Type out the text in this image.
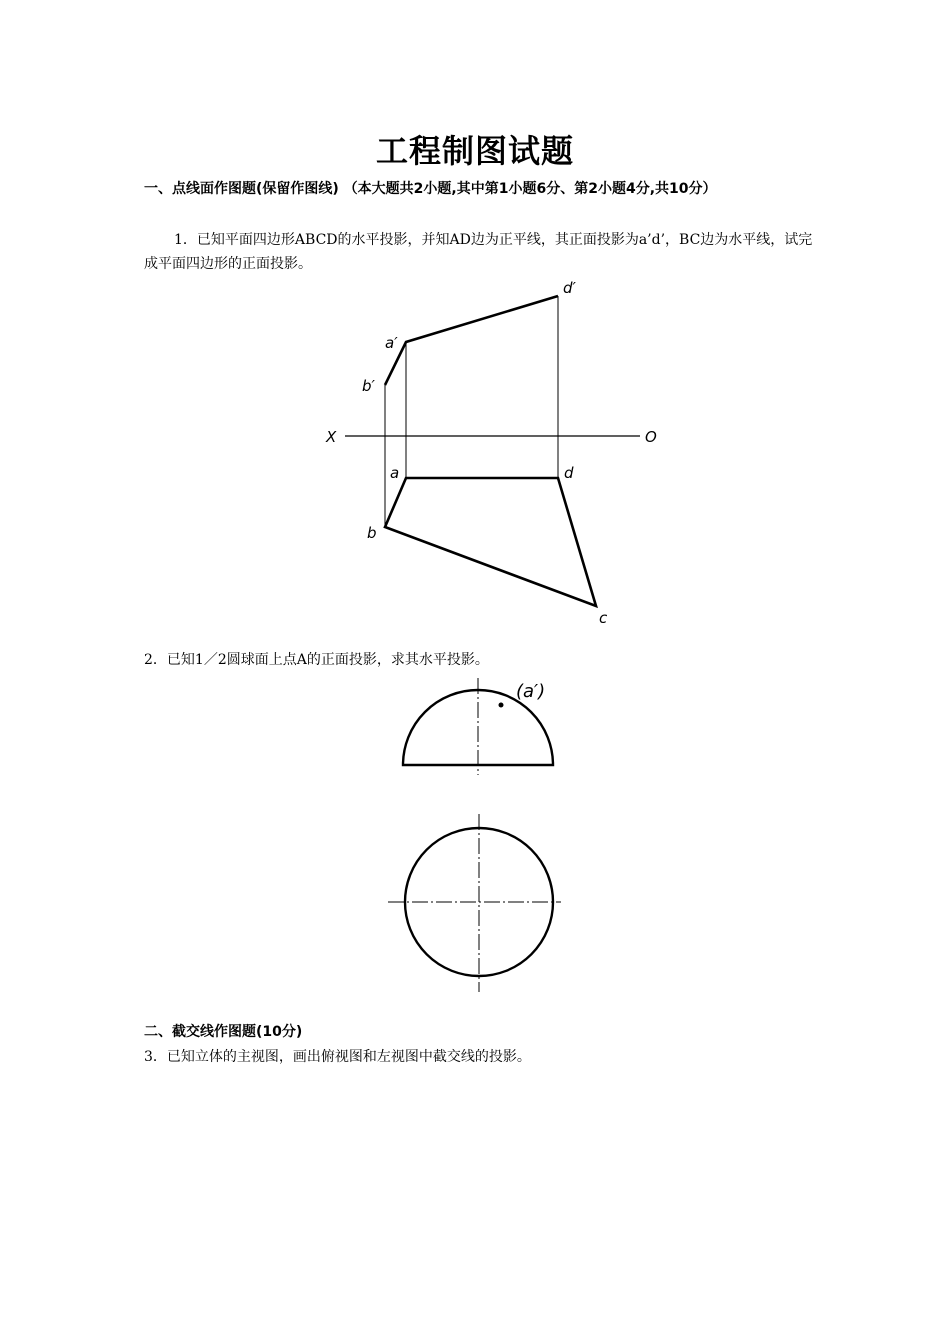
工程制图试题
一、点线面作图题(保留作图线) （本大题共2小题,其中第1小题6分、第2小题4分,共10分）
1．已知平面四边形ABCD的水平投影，并知AD边为正平线，其正面投影为a’d’，BC边为水平线，试完成平面四边形的正面投影。
a′
b′
d′
X	O
a	d
b
c
(a′)
2．已知1／2圆球面上点A的正面投影，求其水平投影。
二、截交线作图题(10分)
3．已知立体的主视图，画出俯视图和左视图中截交线的投影。
